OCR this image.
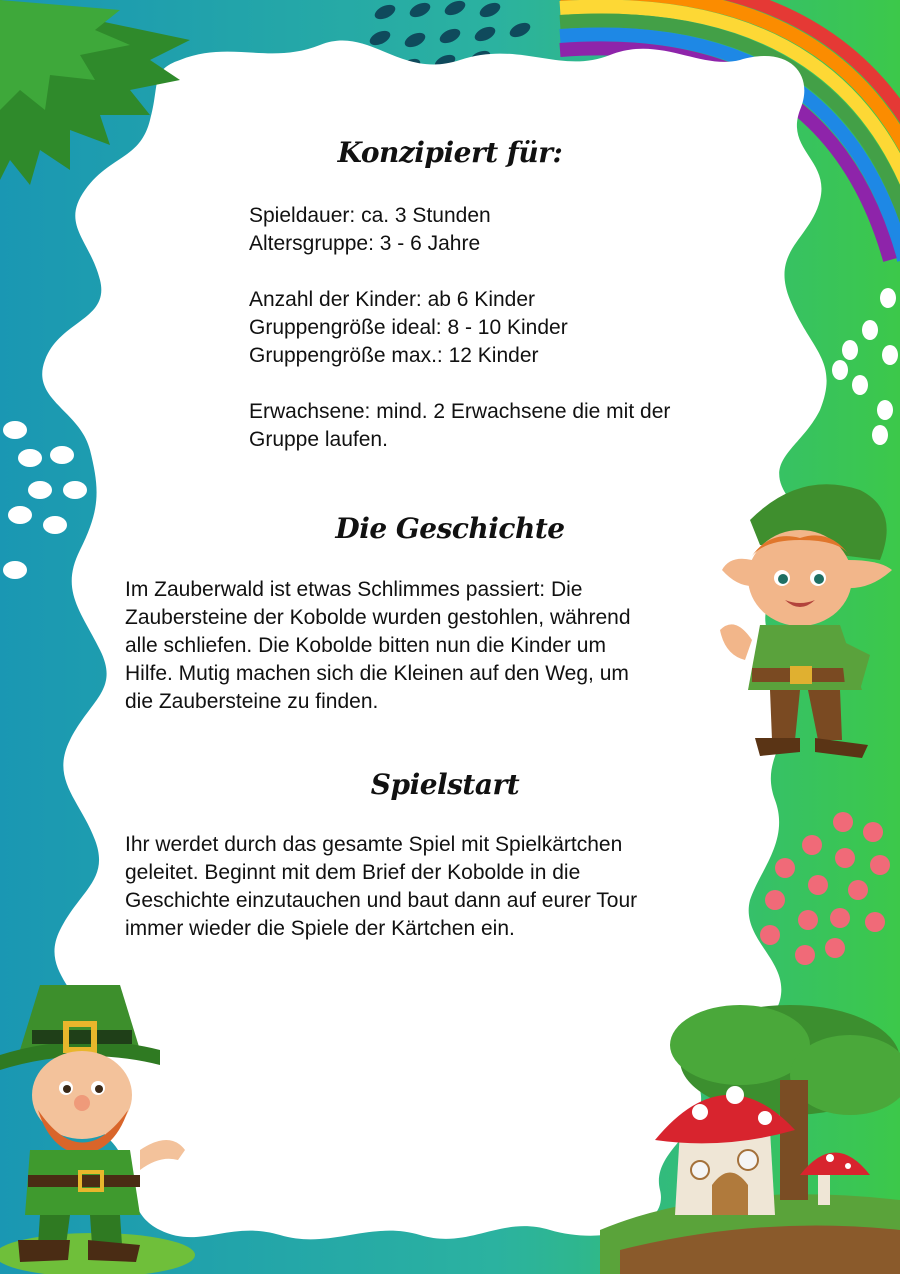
Konzipiert für:
Spieldauer: ca. 3 Stunden
Altersgruppe: 3 - 6 Jahre
Anzahl der Kinder: ab 6 Kinder
Gruppengröße ideal: 8 - 10 Kinder
Gruppengröße max.: 12 Kinder
Erwachsene: mind. 2 Erwachsene die mit der
Gruppe laufen.
Die Geschichte
Im Zauberwald ist etwas Schlimmes passiert: Die
Zaubersteine der Kobolde wurden gestohlen, während
alle schliefen. Die Kobolde bitten nun die Kinder um
Hilfe. Mutig machen sich die Kleinen auf den Weg, um
die Zaubersteine zu finden.
Spielstart
Ihr werdet durch das gesamte Spiel mit Spielkärtchen
geleitet. Beginnt mit dem Brief der Kobolde in die
Geschichte einzutauchen und baut dann auf eurer Tour
immer wieder die Spiele der Kärtchen ein.
